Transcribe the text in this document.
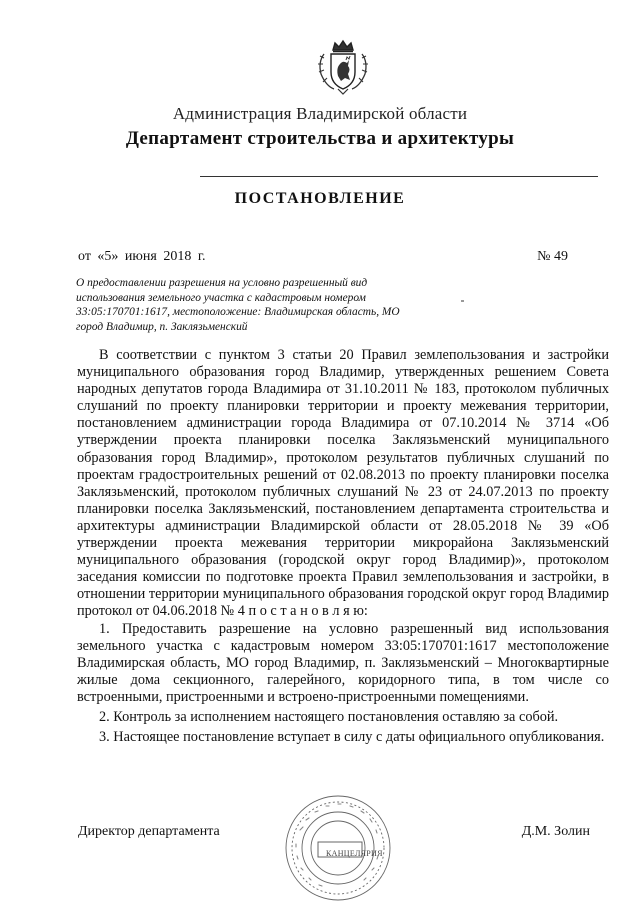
Администрация Владимирской области
Департамент строительства и архитектуры
ПОСТАНОВЛЕНИЕ
от «5» июня 2018 г.	№ 49
О предоставлении разрешения на условно разрешенный вид использования земельного участка с кадастровым номером 33:05:170701:1617, местоположение: Владимирская область, МО город Владимир, п. Заклязьменский

В соответствии с пунктом 3 статьи 20 Правил землепользования и застройки муниципального образования город Владимир, утвержденных решением Совета народных депутатов города Владимира от 31.10.2011 № 183, протоколом публичных слушаний по проекту планировки территории и проекту межевания территории, постановлением администрации города Владимира от 07.10.2014 № 3714 «Об утверждении проекта планировки поселка Заклязьменский муниципального образования город Владимир», протоколом результатов публичных слушаний по проектам градостроительных решений от 02.08.2013 по проекту планировки поселка Заклязьменский, протоколом публичных слушаний № 23 от 24.07.2013 по проекту планировки поселка Заклязьменский, постановлением департамента строительства и архитектуры администрации Владимирской области от 28.05.2018 № 39 «Об утверждении проекта межевания территории микрорайона Заклязьменский муниципального образования (городской округ город Владимир)», протоколом заседания комиссии по подготовке проекта Правил землепользования и застройки, в отношении территории муниципального образования городской округ город Владимир протокол от 04.06.2018 № 4 п о с т а н о в л я ю:

1. Предоставить разрешение на условно разрешенный вид использования земельного участка с кадастровым номером 33:05:170701:1617 местоположение Владимирская область, МО город Владимир, п. Заклязьменский – Многоквартирные жилые дома секционного, галерейного, коридорного типа, в том числе со встроенными, пристроенными и встроено-пристроенными помещениями.

2. Контроль за исполнением настоящего постановления оставляю за собой.

3. Настоящее постановление вступает в силу с даты официального опубликования.

КАНЦЕЛЯРИЯ
Директор департамента	Д.М. Золин
